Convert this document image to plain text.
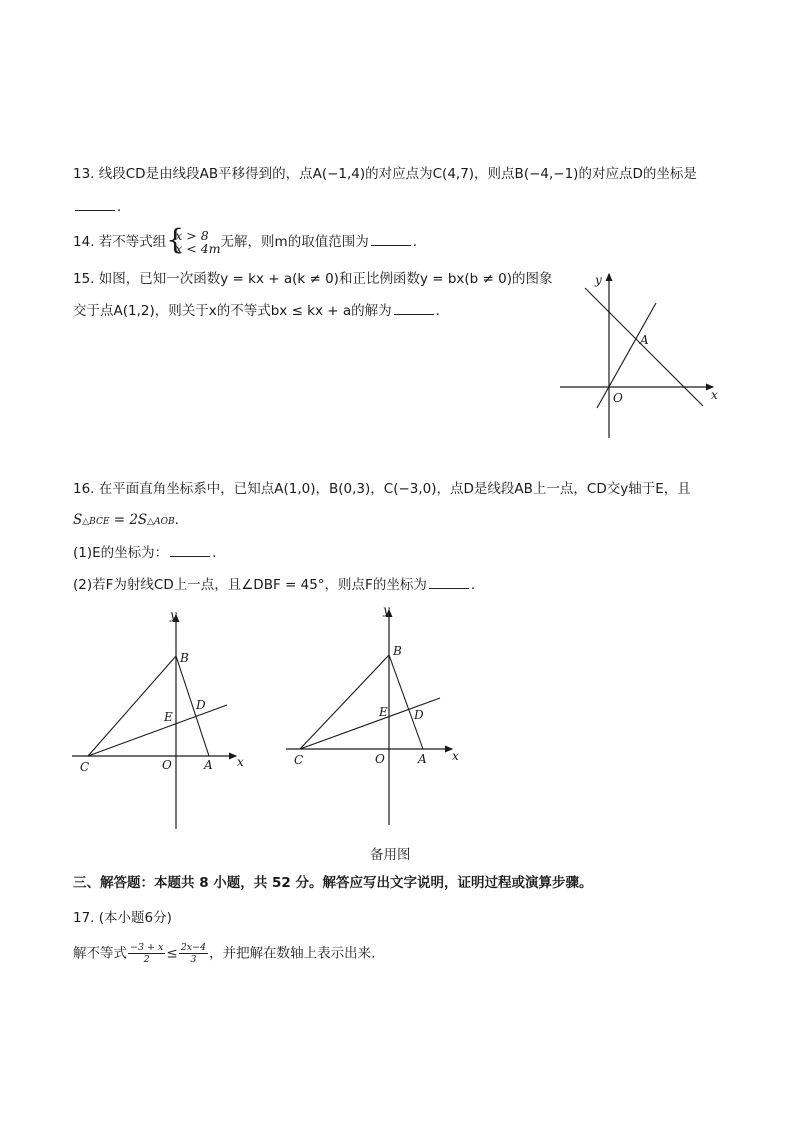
13. 线段CD是由线段AB平移得到的，点A(−1,4)的对应点为C(4,7)，则点B(−4,−1)的对应点D的坐标是
.
14. 若不等式组 {
x > 8
x < 4m 无解，则m的取值范围为	.
15. 如图，已知一次函数y = kx + a(k ≠ 0)和正比例函数y = bx(b ≠ 0)的图象
交于点A(1,2)，则关于x的不等式bx ≤ kx + a的解为	.
y
x
O
A
16. 在平面直角坐标系中，已知点A(1,0)，B(0,3)，C(−3,0)，点D是线段AB上一点，CD交y轴于E，且
S△BCE = 2S△AOB.
(1)E的坐标为：	.
(2)若F为射线CD上一点，且∠DBF = 45°，则点F的坐标为	.
y
B
D
E
C	O	A x
y
B
E D
C	O	A x
备用图
三、解答题：本题共 8 小题，共 52 分。解答应写出文字说明，证明过程或演算步骤。
17. (本小题6分)
解不等式 $\frac{-3 + x}{2} \le \frac{2x-4}{3}$ ，并把解在数轴上表示出来.
